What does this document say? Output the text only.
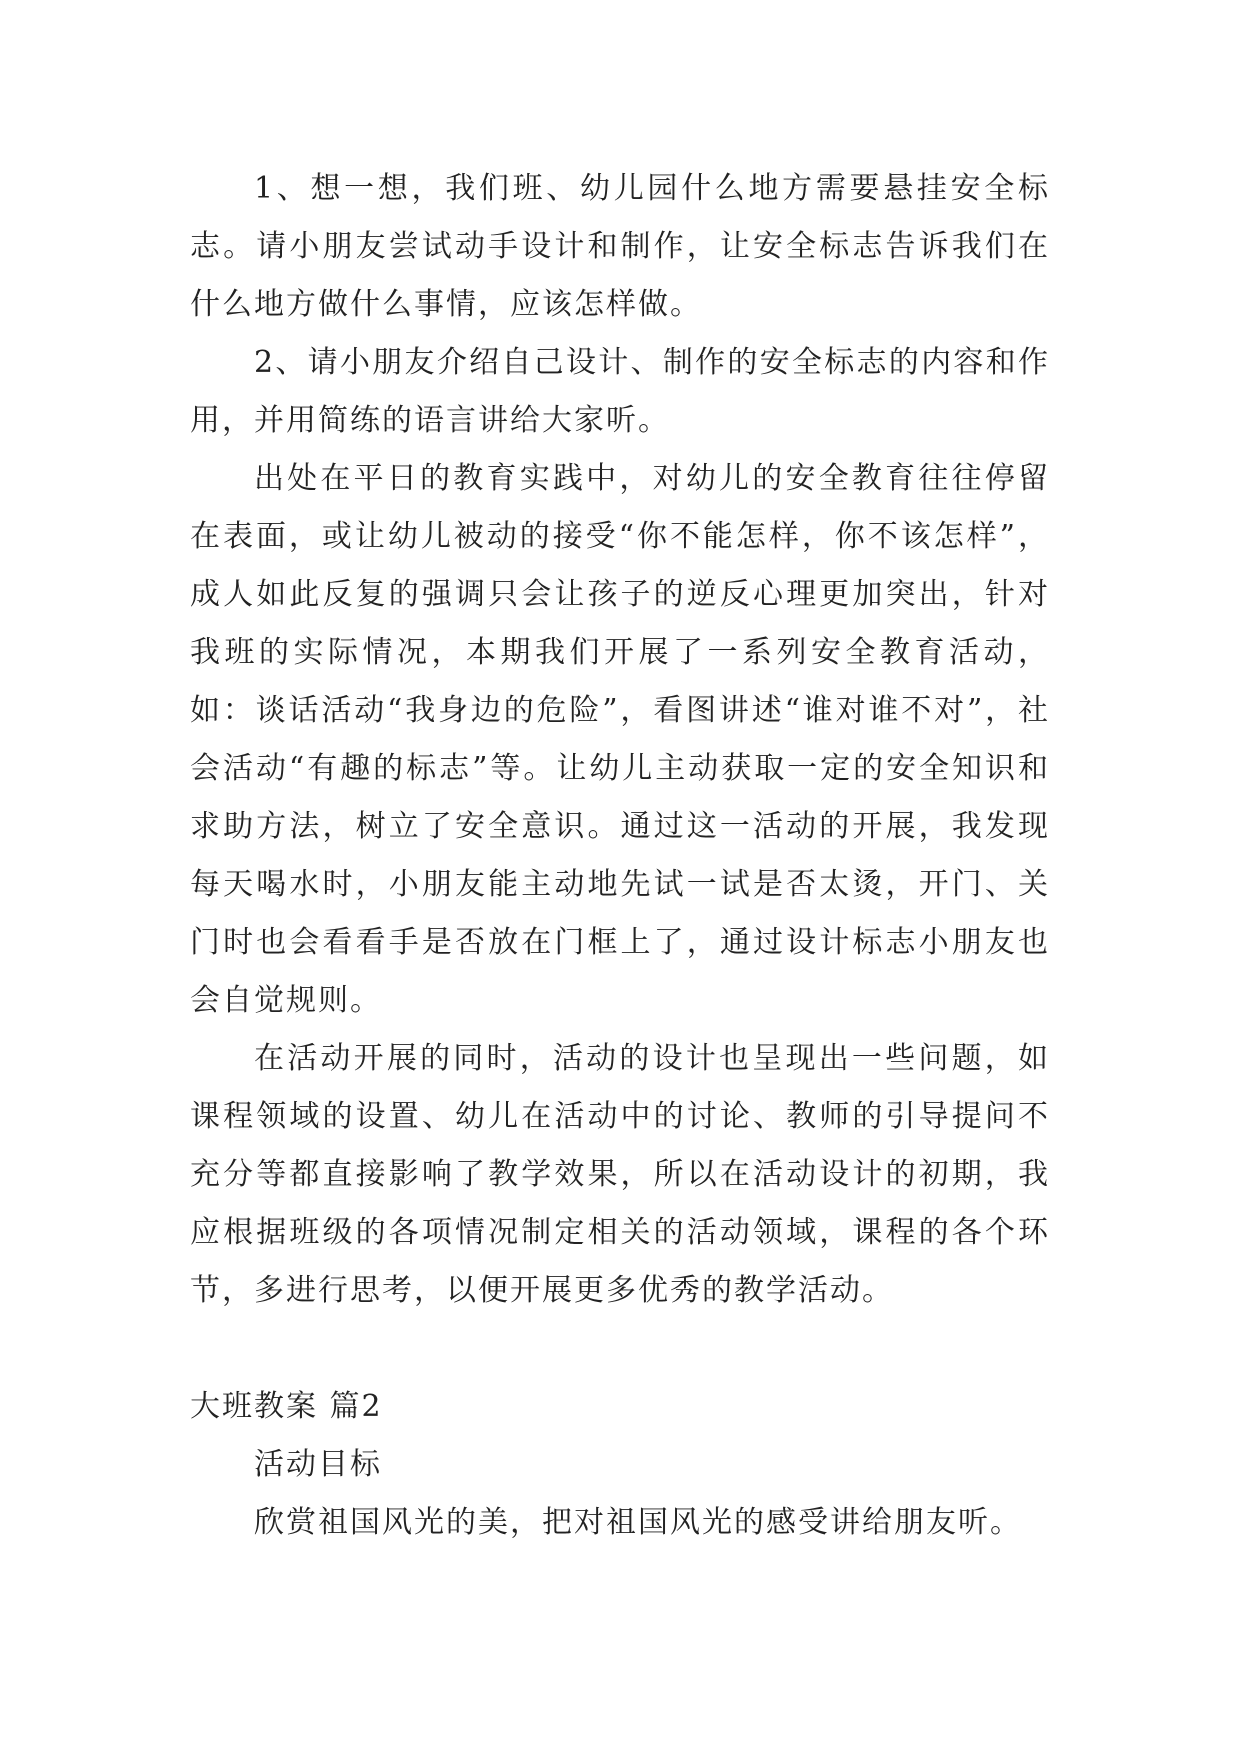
1、想一想，我们班、幼儿园什么地方需要悬挂安全标志。请小朋友尝试动手设计和制作，让安全标志告诉我们在什么地方做什么事情，应该怎样做。

2、请小朋友介绍自己设计、制作的安全标志的内容和作用，并用简练的语言讲给大家听。

出处在平日的教育实践中，对幼儿的安全教育往往停留在表面，或让幼儿被动的接受“你不能怎样，你不该怎样”，成人如此反复的强调只会让孩子的逆反心理更加突出，针对我班的实际情况，本期我们开展了一系列安全教育活动，如：谈话活动“我身边的危险”，看图讲述“谁对谁不对”，社会活动“有趣的标志”等。让幼儿主动获取一定的安全知识和求助方法，树立了安全意识。通过这一活动的开展，我发现每天喝水时，小朋友能主动地先试一试是否太烫，开门、关门时也会看看手是否放在门框上了，通过设计标志小朋友也会自觉规则。

在活动开展的同时，活动的设计也呈现出一些问题，如课程领域的设置、幼儿在活动中的讨论、教师的引导提问不充分等都直接影响了教学效果，所以在活动设计的初期，我应根据班级的各项情况制定相关的活动领域，课程的各个环节，多进行思考，以便开展更多优秀的教学活动。

大班教案 篇2

活动目标

欣赏祖国风光的美，把对祖国风光的感受讲给朋友听。
